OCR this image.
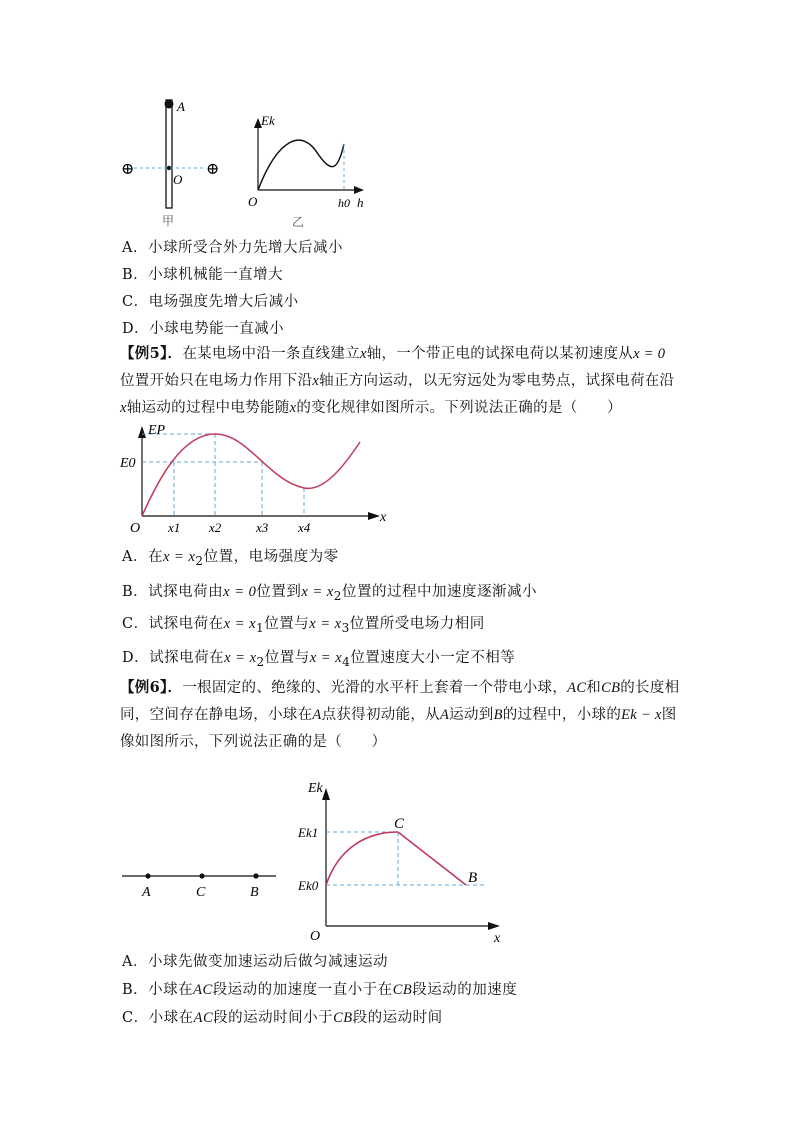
A
O
⊕	⊕
甲
Ek
O	h0 h
乙
A．小球所受合外力先增大后减小
B．小球机械能一直增大
C．电场强度先增大后减小
D．小球电势能一直减小
【例5】．在某电场中沿一条直线建立x轴，一个带正电的试探电荷以某初速度从x = 0位置开始只在电场力作用下沿x轴正方向运动，以无穷远处为零电势点，试探电荷在沿x轴运动的过程中电势能随x的变化规律如图所示。下列说法正确的是（　　）
EP
E0
O x1 x2	x3 x4
x
A．在$x = x_2$位置，电场强度为零
B．试探电荷由x = 0位置到$x = x_2$位置的过程中加速度逐渐减小
C．试探电荷在$x = x_1$位置与$x = x_3$位置所受电场力相同
D．试探电荷在$x = x_2$位置与$x = x_4$位置速度大小一定不相等
【例6】．一根固定的、绝缘的、光滑的水平杆上套着一个带电小球，AC和CB的长度相同，空间存在静电场，小球在A点获得初动能，从A运动到B的过程中，小球的Ek − x图像如图所示，下列说法正确的是（　　）
A	C	B
Ek
Ek1
Ek0
O
C
B
x
A．小球先做变加速运动后做匀减速运动
B．小球在AC段运动的加速度一直小于在CB段运动的加速度
C．小球在AC段的运动时间小于CB段的运动时间
